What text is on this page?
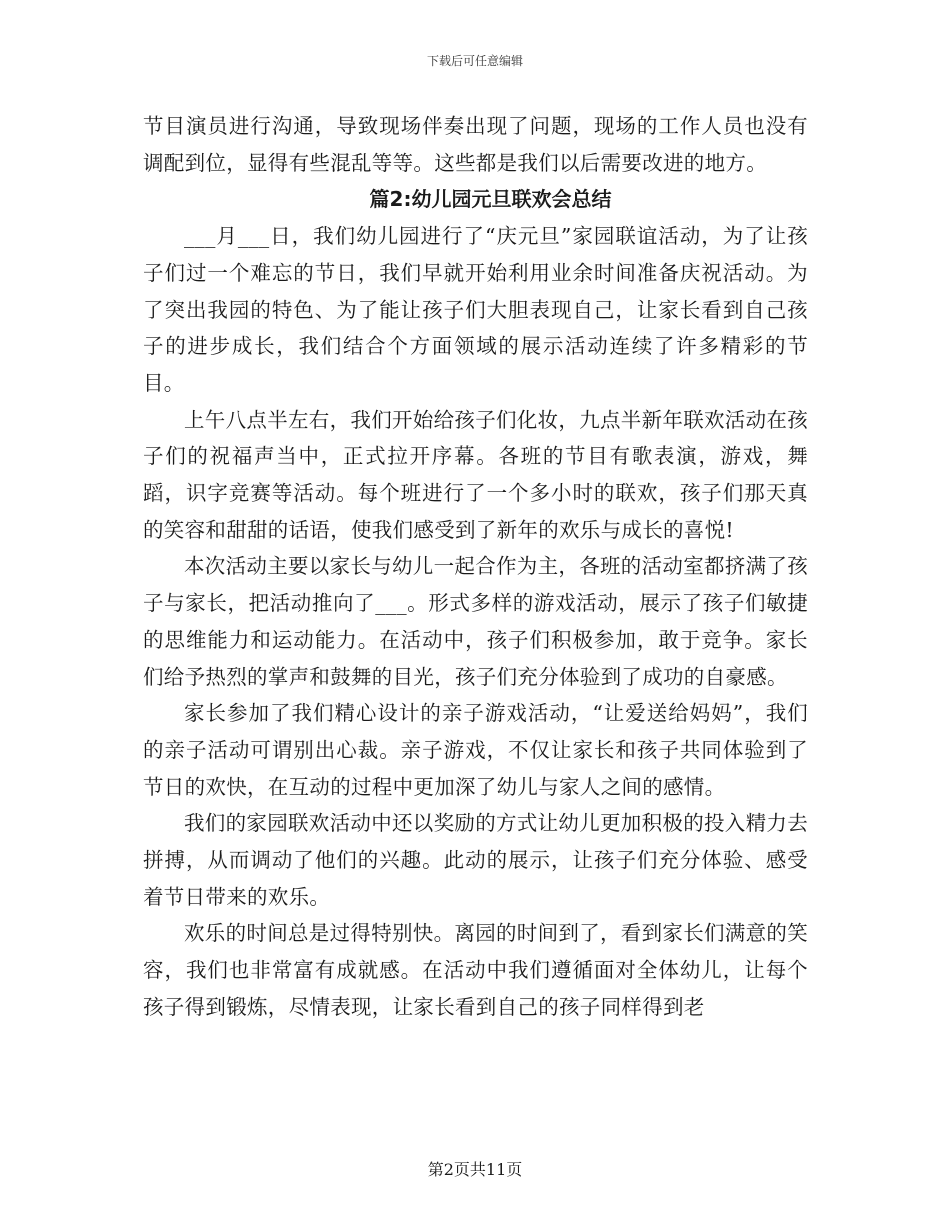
下载后可任意编辑

节目演员进行沟通，导致现场伴奏出现了问题，现场的工作人员也没有调配到位，显得有些混乱等等。这些都是我们以后需要改进的地方。

篇2:幼儿园元旦联欢会总结

___月___日，我们幼儿园进行了“庆元旦”家园联谊活动，为了让孩子们过一个难忘的节日，我们早就开始利用业余时间准备庆祝活动。为了突出我园的特色、为了能让孩子们大胆表现自己，让家长看到自己孩子的进步成长，我们结合个方面领域的展示活动连续了许多精彩的节目。

上午八点半左右，我们开始给孩子们化妆，九点半新年联欢活动在孩子们的祝福声当中，正式拉开序幕。各班的节目有歌表演，游戏，舞蹈，识字竞赛等活动。每个班进行了一个多小时的联欢，孩子们那天真的笑容和甜甜的话语，使我们感受到了新年的欢乐与成长的喜悦!

本次活动主要以家长与幼儿一起合作为主，各班的活动室都挤满了孩子与家长，把活动推向了___。形式多样的游戏活动，展示了孩子们敏捷的思维能力和运动能力。在活动中，孩子们积极参加，敢于竞争。家长们给予热烈的掌声和鼓舞的目光，孩子们充分体验到了成功的自豪感。

家长参加了我们精心设计的亲子游戏活动，“让爱送给妈妈”，我们的亲子活动可谓别出心裁。亲子游戏，不仅让家长和孩子共同体验到了节日的欢快，在互动的过程中更加深了幼儿与家人之间的感情。

我们的家园联欢活动中还以奖励的方式让幼儿更加积极的投入精力去拼搏，从而调动了他们的兴趣。此动的展示，让孩子们充分体验、感受着节日带来的欢乐。

欢乐的时间总是过得特别快。离园的时间到了，看到家长们满意的笑容，我们也非常富有成就感。在活动中我们遵循面对全体幼儿，让每个孩子得到锻炼，尽情表现，让家长看到自己的孩子同样得到老

第2页共11页
